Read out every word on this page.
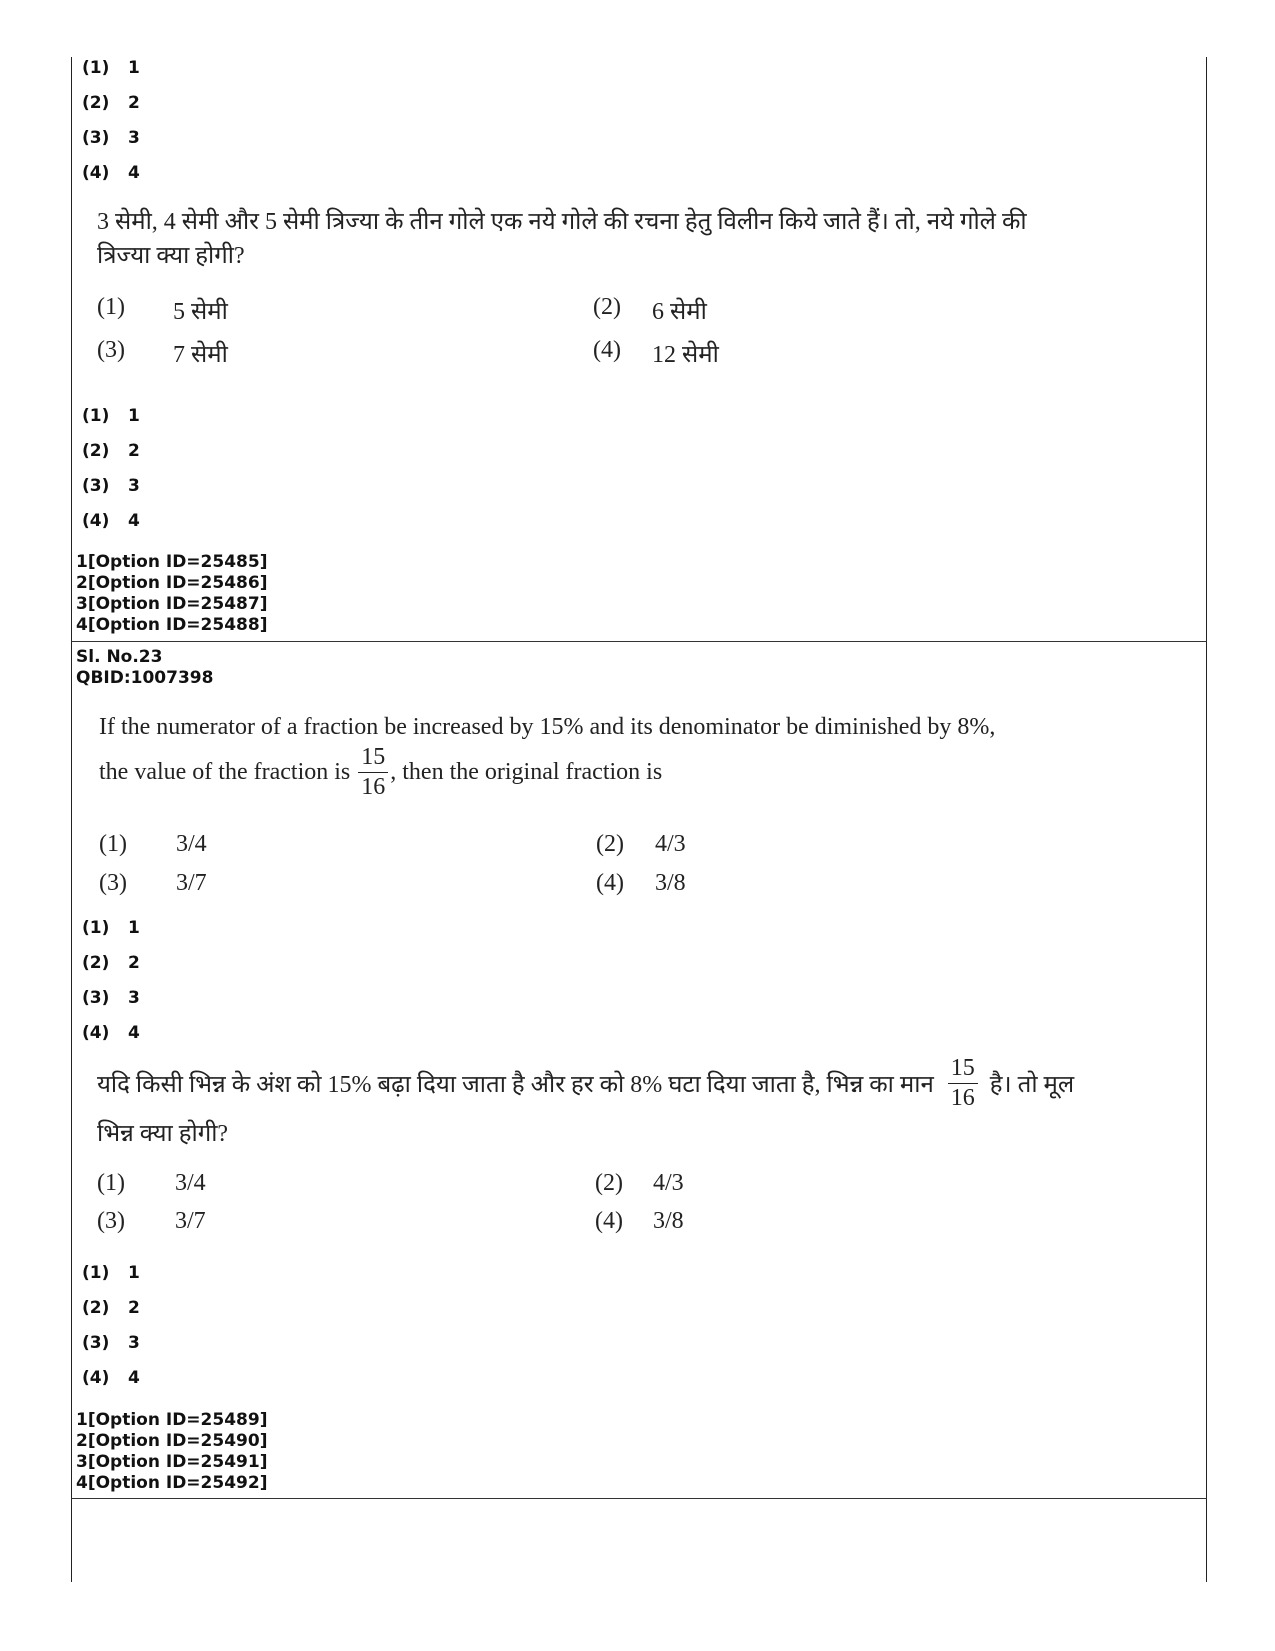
(1)	1
(2)	2
(3)	3
(4)	4
3 सेमी, 4 सेमी और 5 सेमी त्रिज्या के तीन गोले एक नये गोले की रचना हेतु विलीन किये जाते हैं। तो, नये गोले की
त्रिज्या क्या होगी?
(1) 5 सेमी	(2) 6 सेमी
(3) 7 सेमी	(4) 12 सेमी
(1)	1
(2)	2
(3)	3
(4)	4
1[Option ID=25485]
2[Option ID=25486]
3[Option ID=25487]
4[Option ID=25488]
Sl. No.23
QBID:1007398
If the numerator of a fraction be increased by 15% and its denominator be diminished by 8%,
the value of the fraction is $\frac{15}{16}$ , then the original fraction is
(1) 3/4	(2) 4/3
(3) 3/7	(4) 3/8
(1)	1
(2)	2
(3)	3
(4)	4
यदि किसी भिन्न के अंश को 15% बढ़ा दिया जाता है और हर को 8% घटा दिया जाता है, भिन्न का मान $\frac{15}{16}$ है। तो मूल
भिन्न क्या होगी?
(1) 3/4	(2) 4/3
(3) 3/7	(4) 3/8
(1)	1
(2)	2
(3)	3
(4)	4
1[Option ID=25489]
2[Option ID=25490]
3[Option ID=25491]
4[Option ID=25492]
